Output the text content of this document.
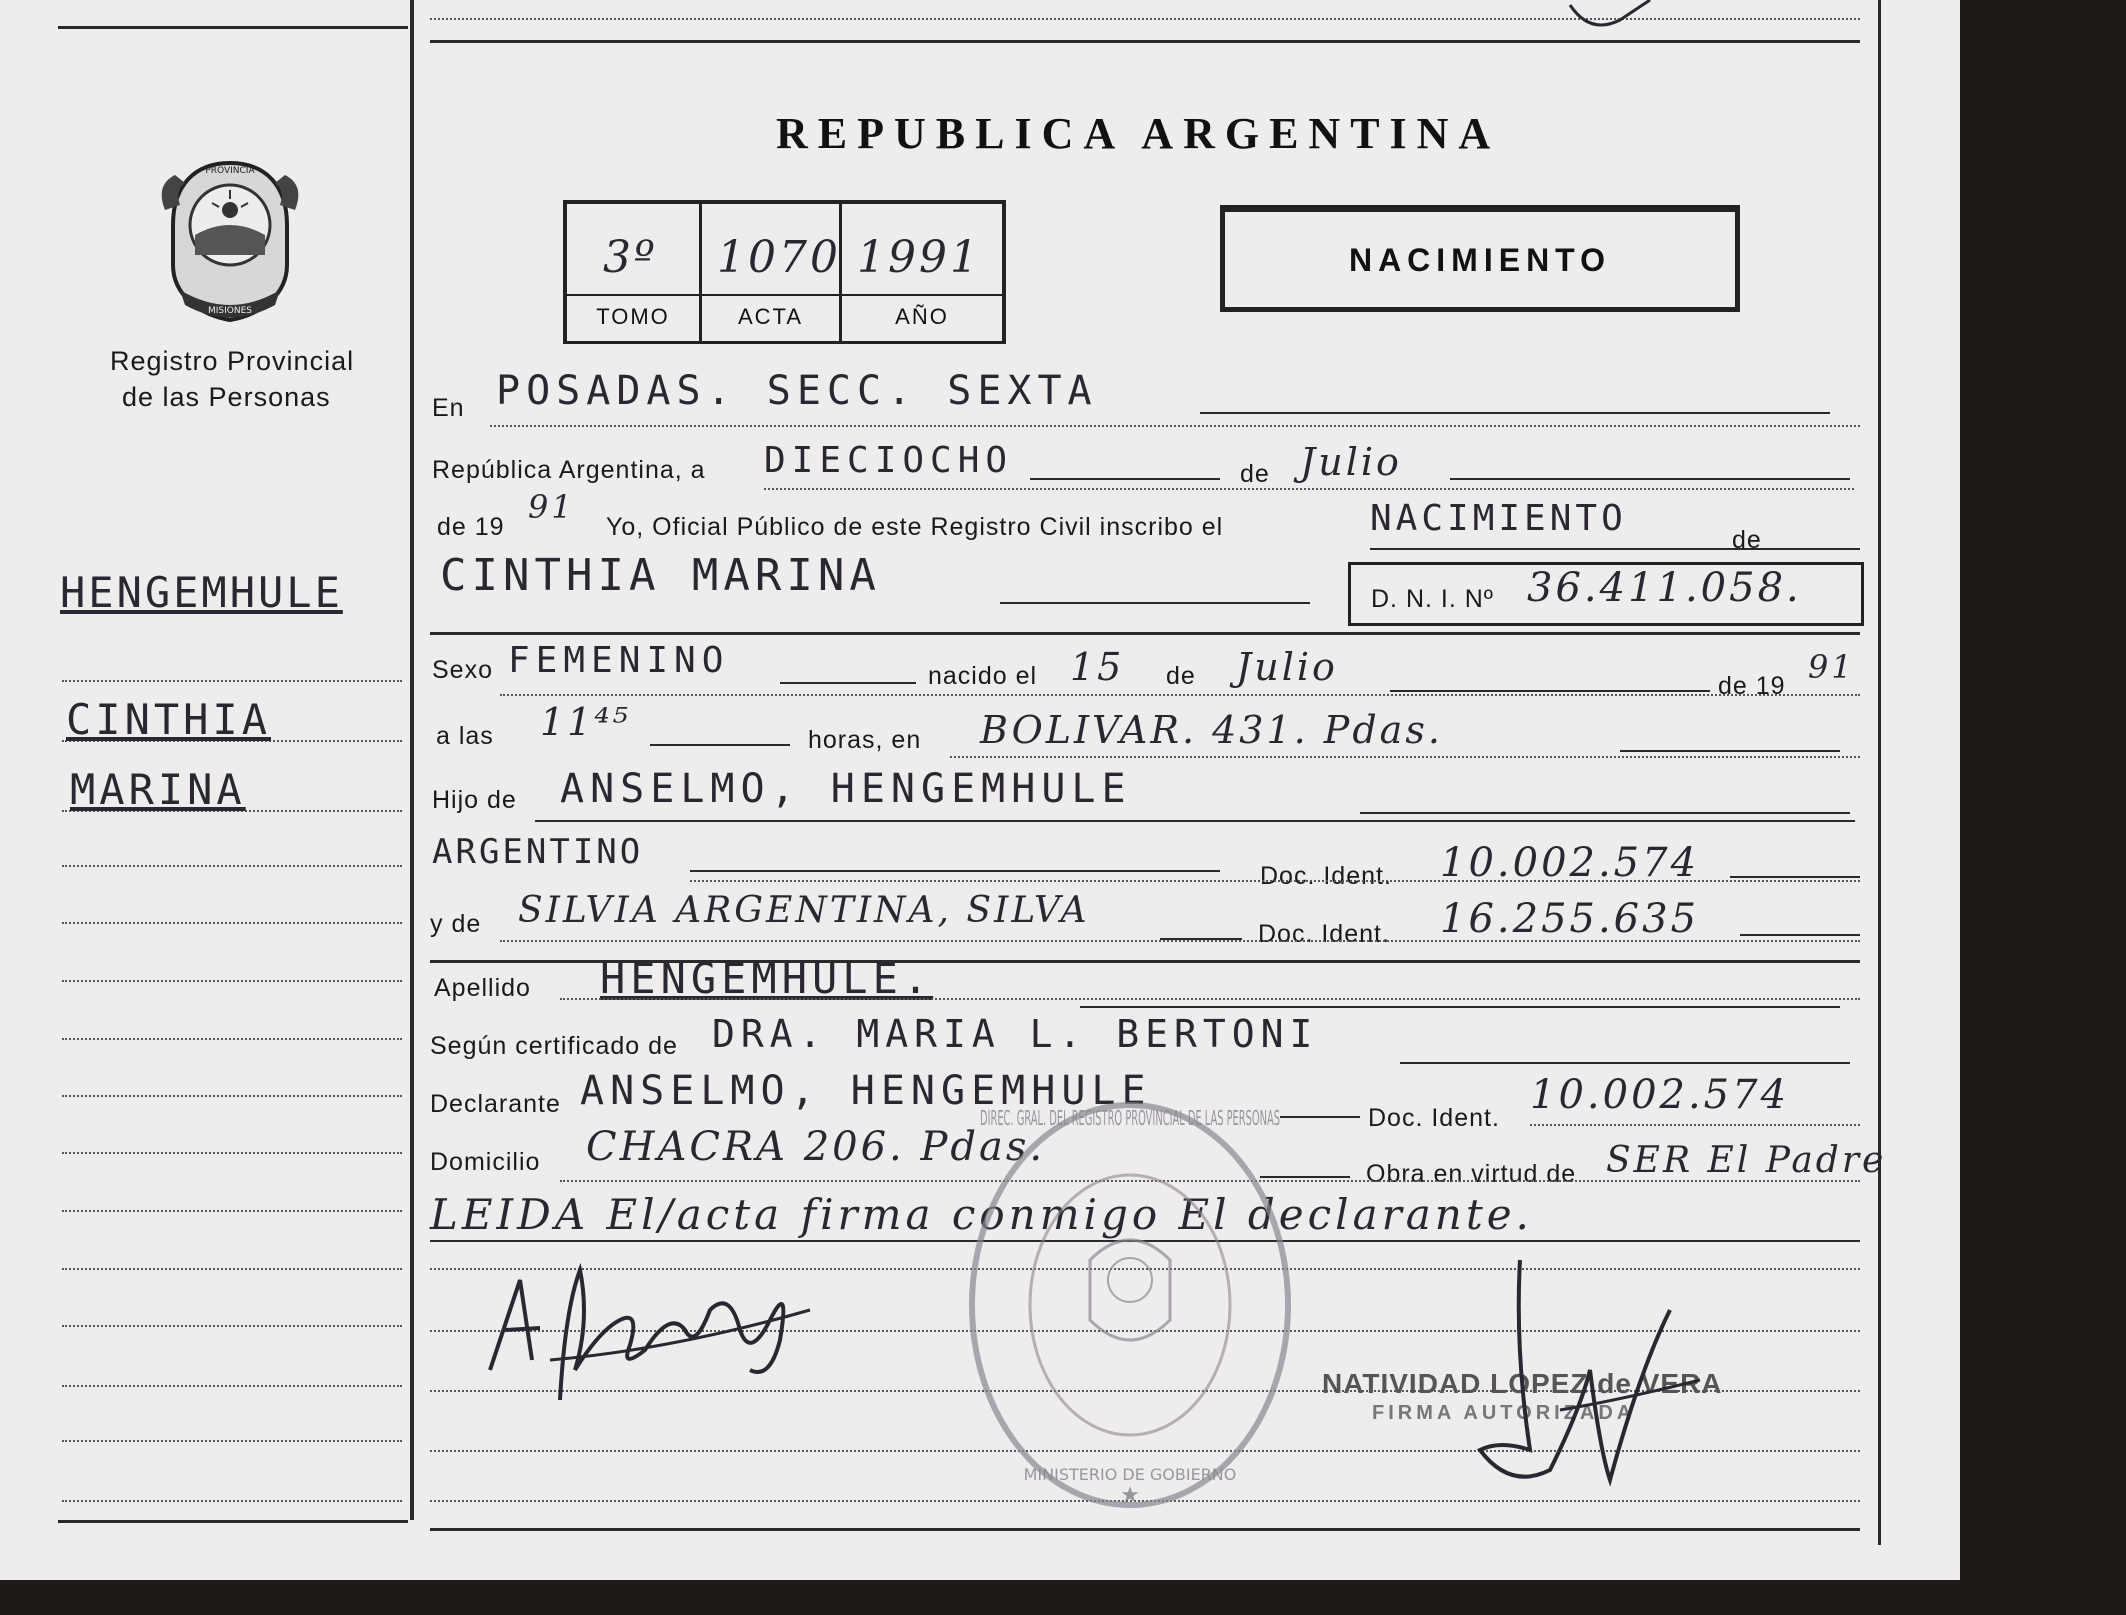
REPUBLICA ARGENTINA
PROVINCIA
MISIONES
Registro Provincial
de las Personas
3º 1070 1991
TOMO	ACTA	AÑO
NACIMIENTO
HENGEMHULE
CINTHIA
MARINA
En POSADAS. SECC. SEXTA
República Argentina, a DIECIOCHO	de Julio
de 19
91
Yo, Oficial Público de este Registro Civil inscribo el	NACIMIENTO
de
CINTHIA MARINA	D. N. I. Nº 36.411.058.
Sexo FEMENINO	nacido el 15 de Julio	de 19 91
a las 11⁴⁵	horas, en BOLIVAR. 431. Pdas.
Hijo de ANSELMO, HENGEMHULE
ARGENTINO
Doc. Ident. 10.002.574
y de SILVIA ARGENTINA, SILVA
Doc. Ident. 16.255.635
Apellido HENGEMHULE.
Según certificado de DRA. MARIA L. BERTONI
Declarante ANSELMO, HENGEMHULE
Doc. Ident. 10.002.574
Domicilio CHACRA 206. Pdas.
Obra en virtud de SER El Padre
LEIDA El/acta firma conmigo El declarante.
DIREC. GRAL. DEL REGISTRO PROVINCIAL DE LAS PERSONAS
MINISTERIO DE GOBIERNO
★
NATIVIDAD LOPEZ de VERA
FIRMA AUTORIZADA
